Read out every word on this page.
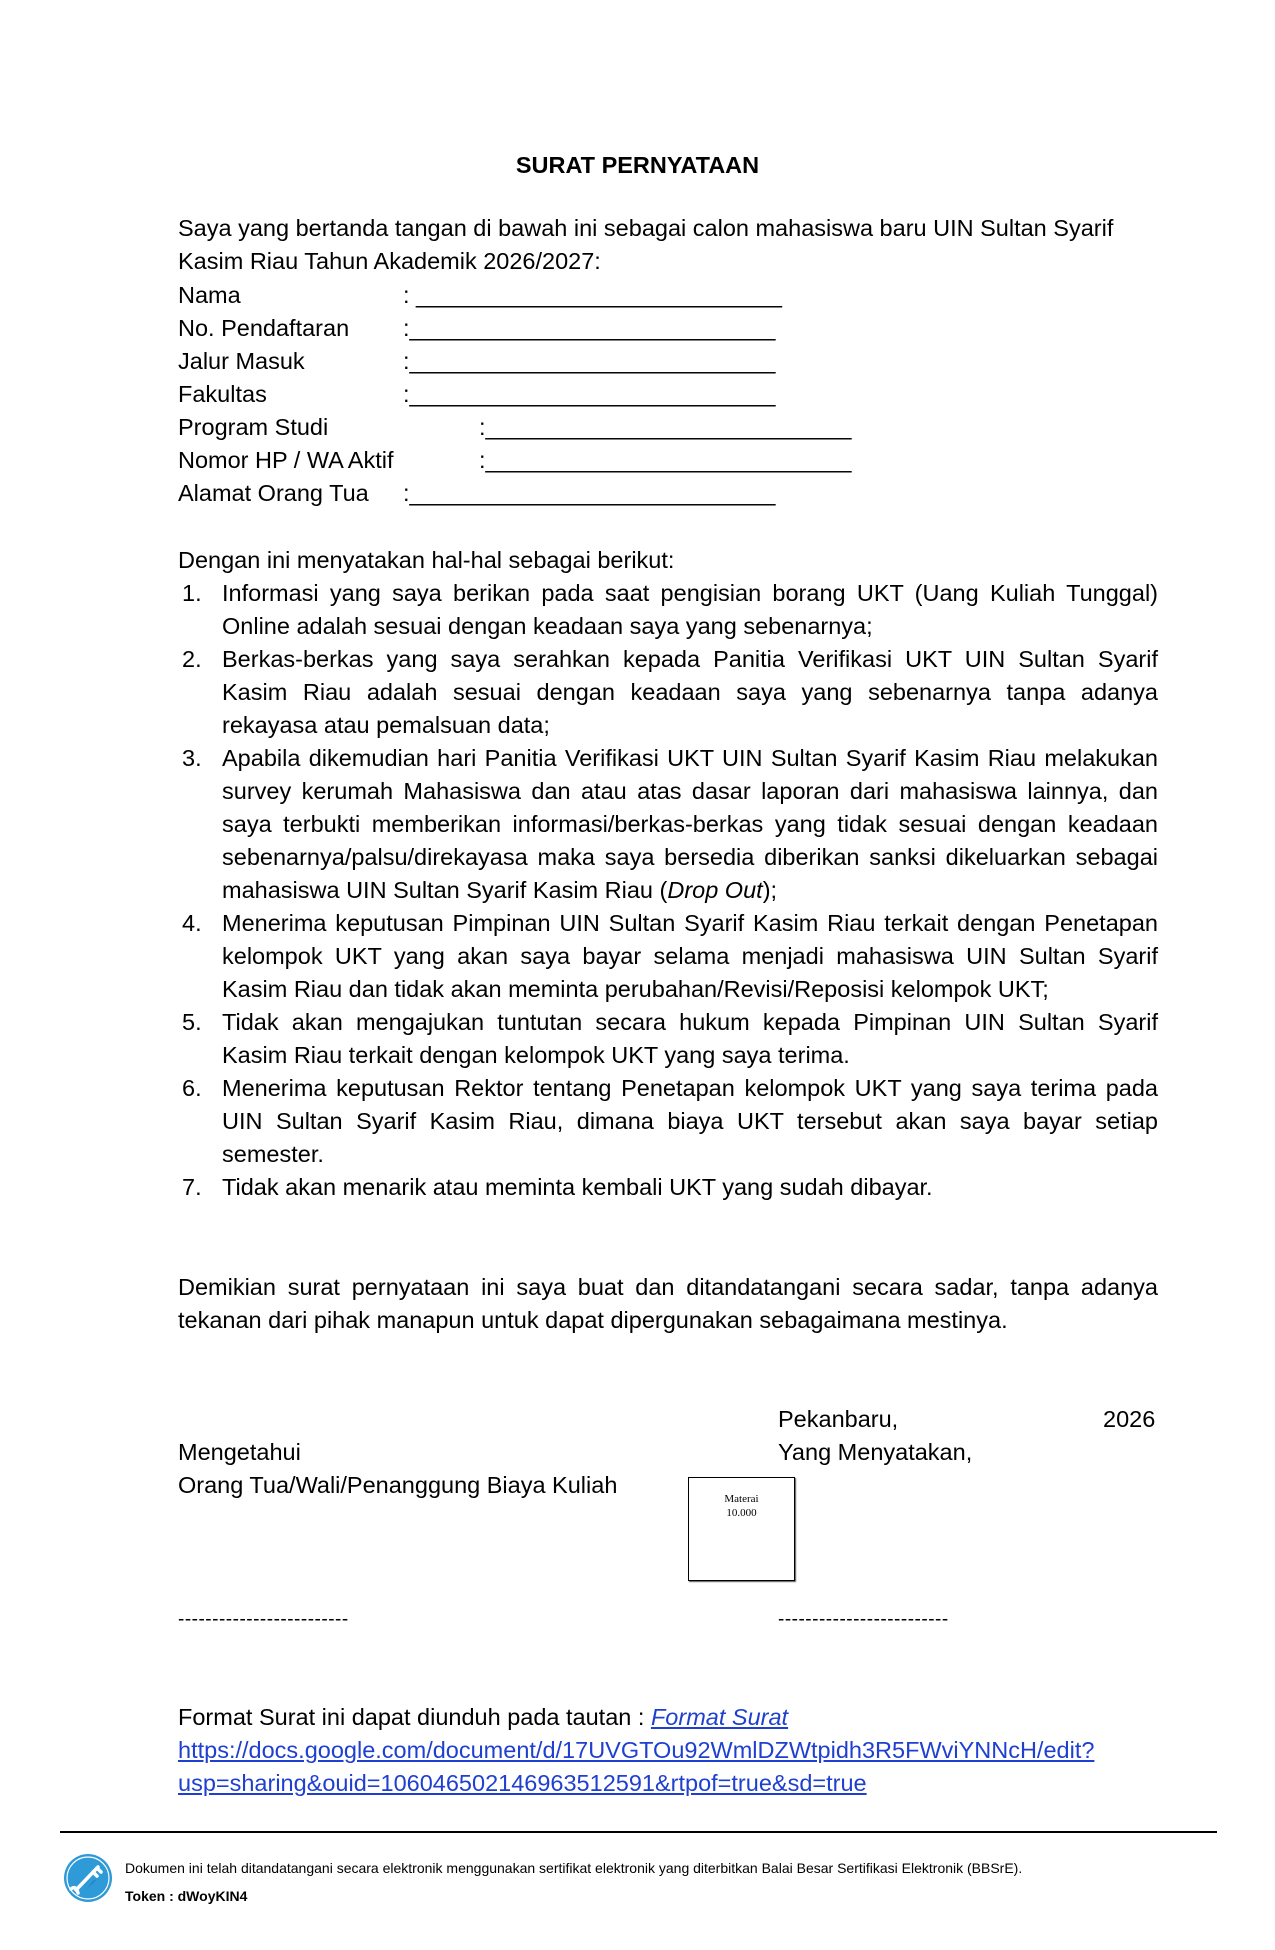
SURAT PERNYATAAN
Saya yang bertanda tangan di bawah ini sebagai calon mahasiswa baru UIN Sultan Syarif
Kasim Riau Tahun Akademik 2026/2027:
Nama	: ____________________________
No. Pendaftaran :____________________________
Jalur Masuk	:____________________________
Fakultas	:____________________________
Program Studi	:____________________________
Nomor HP / WA Aktif	:____________________________
Alamat Orang Tua :____________________________
Dengan ini menyatakan hal-hal sebagai berikut:
1. Informasi yang saya berikan pada saat pengisian borang UKT (Uang Kuliah Tunggal) Online adalah sesuai dengan keadaan saya yang sebenarnya;
2. Berkas-berkas yang saya serahkan kepada Panitia Verifikasi UKT UIN Sultan Syarif Kasim Riau adalah sesuai dengan keadaan saya yang sebenarnya tanpa adanya rekayasa atau pemalsuan data;
3. Apabila dikemudian hari Panitia Verifikasi UKT UIN Sultan Syarif Kasim Riau melakukan survey kerumah Mahasiswa dan atau atas dasar laporan dari mahasiswa lainnya, dan saya terbukti memberikan informasi/berkas-berkas yang tidak sesuai dengan keadaan sebenarnya/palsu/direkayasa maka saya bersedia diberikan sanksi dikeluarkan sebagai mahasiswa UIN Sultan Syarif Kasim Riau (Drop Out);
4. Menerima keputusan Pimpinan UIN Sultan Syarif Kasim Riau terkait dengan Penetapan kelompok UKT yang akan saya bayar selama menjadi mahasiswa UIN Sultan Syarif Kasim Riau dan tidak akan meminta perubahan/Revisi/Reposisi kelompok UKT;
5. Tidak akan mengajukan tuntutan secara hukum kepada Pimpinan UIN Sultan Syarif Kasim Riau terkait dengan kelompok UKT yang saya terima.
6. Menerima keputusan Rektor tentang Penetapan kelompok UKT yang saya terima pada UIN Sultan Syarif Kasim Riau, dimana biaya UKT tersebut akan saya bayar setiap semester.
7. Tidak akan menarik atau meminta kembali UKT yang sudah dibayar.
Demikian surat pernyataan ini saya buat dan ditandatangani secara sadar, tanpa adanya tekanan dari pihak manapun untuk dapat dipergunakan sebagaimana mestinya.
Pekanbaru,	2026
Mengetahui	Yang Menyatakan,
Orang Tua/Wali/Penanggung Biaya Kuliah
Materai
10.000
-------------------------	-------------------------
Format Surat ini dapat diunduh pada tautan : Format Surat
https://docs.google.com/document/d/17UVGTOu92WmlDZWtpidh3R5FWviYNNcH/edit?
usp=sharing&ouid=106046502146963512591&rtpof=true&sd=true
Dokumen ini telah ditandatangani secara elektronik menggunakan sertifikat elektronik yang diterbitkan Balai Besar Sertifikasi Elektronik (BBSrE).
Token : dWoyKIN4
